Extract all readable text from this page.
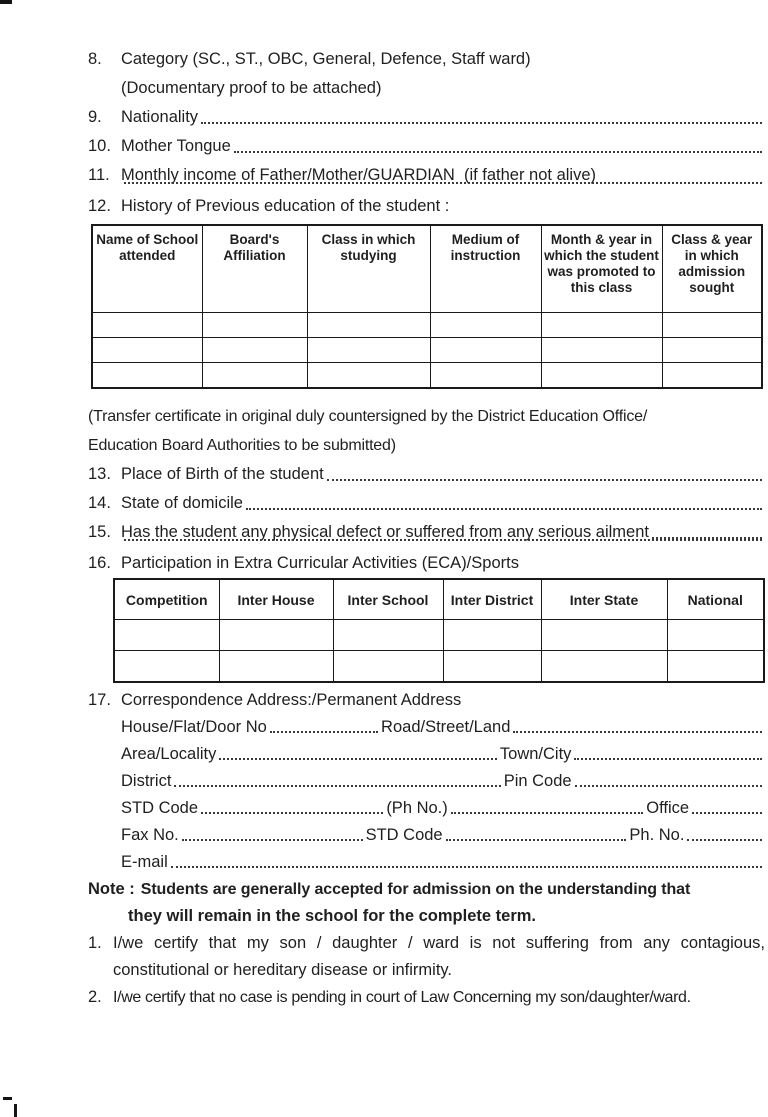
8.	Category (SC., ST., OBC, General, Defence, Staff ward)
(Documentary proof to be attached)
9.	Nationality
10. Mother Tongue
11. Monthly income of Father/Mother/GUARDIAN  (if father not alive)
12. History of Previous education of the student :
Name of School attended	Board's Affiliation	Class in which studying	Medium of instruction	Month & year in which the student was promoted to this class	Class & year in which admission sought

(Transfer certificate in original duly countersigned by the District Education Office/
Education Board Authorities to be submitted)
13. Place of Birth of the student
14. State of domicile
15. Has the student any physical defect or suffered from any serious ailment
16. Participation in Extra Curricular Activities (ECA)/Sports
Competition	Inter House	Inter School	Inter District	Inter State	National

17. Correspondence Address:/Permanent Address
House/Flat/Door No	Road/Street/Land
Area/Locality	Town/City
District	Pin Code
STD Code	(Ph No.)	Office
Fax No.	STD Code	Ph. No.
E-mail
Note : Students are generally accepted for admission on the understanding that
they will remain in the school for the complete term.
1. I/we certify that my son / daughter / ward is not suffering from any contagious,
constitutional or hereditary disease or infirmity.
2. I/we certify that no case is pending in court of Law Concerning my son/daughter/ward.
